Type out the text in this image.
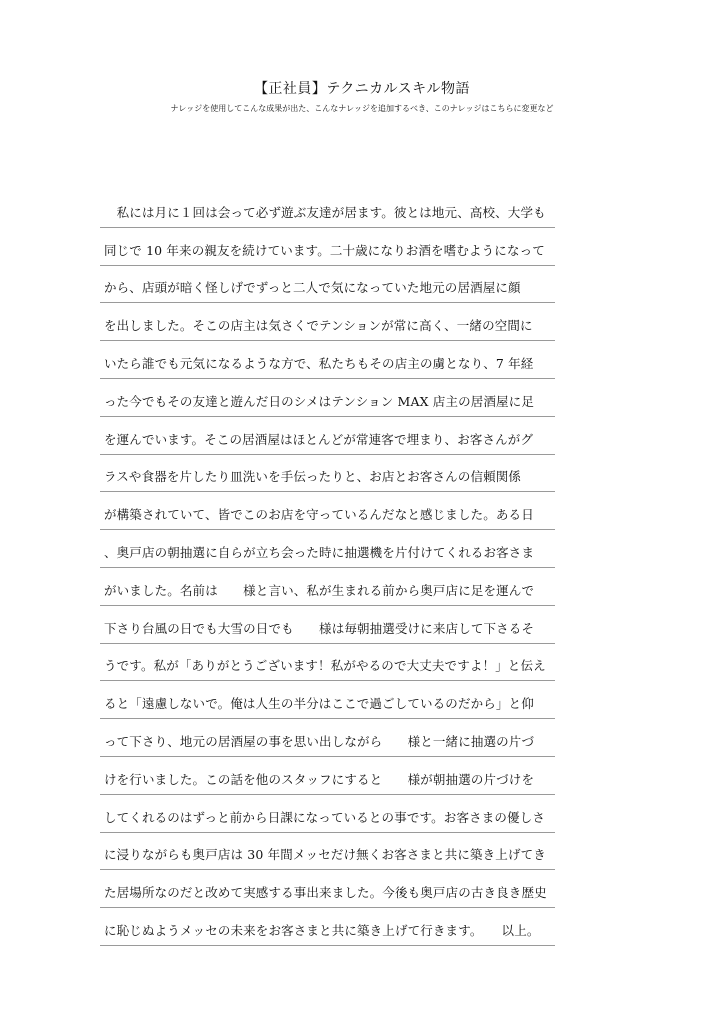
【正社員】テクニカルスキル物語
ナレッジを使用してこんな成果が出た、こんなナレッジを追加するべき、このナレッジはこちらに変更など
　私には月に１回は会って必ず遊ぶ友達が居ます。彼とは地元、高校、大学も
同じで 10 年来の親友を続けています。二十歳になりお酒を嗜むようになって
から、店頭が暗く怪しげでずっと二人で気になっていた地元の居酒屋に顔
を出しました。そこの店主は気さくでテンションが常に高く、一緒の空間に
いたら誰でも元気になるような方で、私たちもその店主の虜となり、7 年経
った今でもその友達と遊んだ日のシメはテンション MAX 店主の居酒屋に足
を運んでいます。そこの居酒屋はほとんどが常連客で埋まり、お客さんがグ
ラスや食器を片したり皿洗いを手伝ったりと、お店とお客さんの信頼関係
が構築されていて、皆でこのお店を守っているんだなと感じました。ある日
、奥戸店の朝抽選に自らが立ち会った時に抽選機を片付けてくれるお客さま
がいました。名前は　　様と言い、私が生まれる前から奥戸店に足を運んで
下さり台風の日でも大雪の日でも　　様は毎朝抽選受けに来店して下さるそ
うです。私が「ありがとうございます！私がやるので大丈夫ですよ！」と伝え
ると「遠慮しないで。俺は人生の半分はここで過ごしているのだから」と仰
って下さり、地元の居酒屋の事を思い出しながら　　様と一緒に抽選の片づ
けを行いました。この話を他のスタッフにすると　　様が朝抽選の片づけを
してくれるのはずっと前から日課になっているとの事です。お客さまの優しさ
に浸りながらも奥戸店は 30 年間メッセだけ無くお客さまと共に築き上げてき
た居場所なのだと改めて実感する事出来ました。今後も奥戸店の古き良き歴史
に恥じぬようメッセの未来をお客さまと共に築き上げて行きます。　　以上。
